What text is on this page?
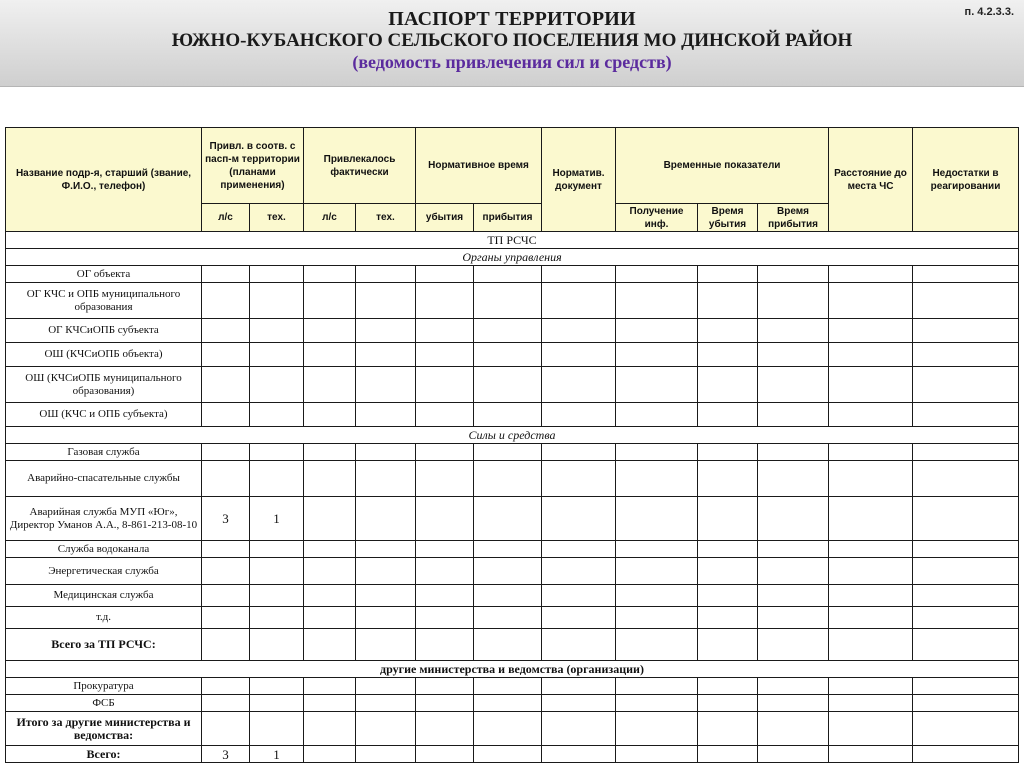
ПАСПОРТ ТЕРРИТОРИИ
ЮЖНО-КУБАНСКОГО СЕЛЬСКОГО ПОСЕЛЕНИЯ МО ДИНСКОЙ РАЙОН
(ведомость привлечения сил и средств)
п. 4.2.3.3.
Название подр-я, старший (звание, Ф.И.О., телефон)	Привл. в соотв. с пасп-м территории (планами применения)		Привлекалось фактически		Нормативное время		Норматив. документ	Временные показатели			Расстояние до места ЧС	Недостатки в реагировании
	л/с	тех.	л/с	тех.	убытия	прибытия		Получение инф.	Время убытия	Время прибытия		
ТП РСЧС												
Органы управления												
ОГ объекта												
ОГ КЧС и ОПБ муниципального образования												
ОГ КЧСиОПБ субъекта												
ОШ (КЧСиОПБ объекта)												
ОШ (КЧСиОПБ муниципального образования)												
ОШ (КЧС и ОПБ субъекта)												
Силы и средства												
Газовая служба												
Аварийно-спасательные службы												
Аварийная служба МУП «Юг», Директор Уманов А.А., 8-861-213-08-10	3	1										
Служба водоканала												
Энергетическая служба												
Медицинская служба												
т.д.												
Всего за ТП РСЧС:												
другие министерства и ведомства (организации)												
Прокуратура												
ФСБ												
Итого за другие министерства и ведомства:												
Всего:	3	1										
